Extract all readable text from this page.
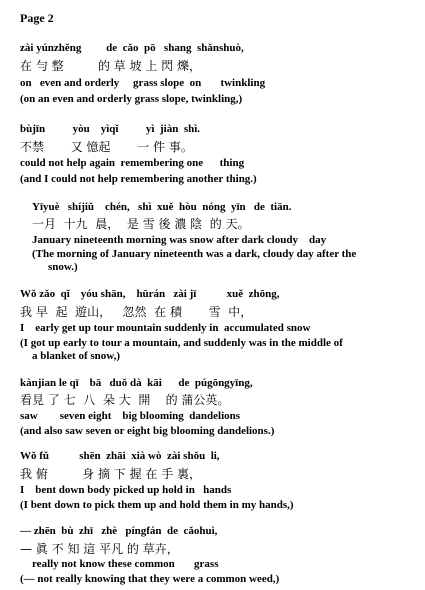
Page 2
zài yúnzhěng         de  cǎo  pō   shang  shǎnshuò,
在 勻 整         的 草 坡 上 閃 爍，
on   even and orderly     grass slope  on       twinkling
(on an even and orderly grass slope, twinkling,)
bùjīn          yòu    yìqǐ          yì  jiàn  shì.
不禁       又 憶起       一 件 事。
could not help again  remembering one      thing
(and I could not help remembering another thing.)
Yīyuè   shíjiǔ    chén,   shì  xuě  hòu  nóng  yīn   de  tiān.
一月  十九  晨，  是 雪 後 濃 陰  的 天。
January nineteenth morning was snow after dark cloudy    day
(The morning of January nineteenth was a dark, cloudy day after the
snow.)
Wǒ zǎo  qǐ    yóu shān,    hūrán   zài jī           xuě  zhōng,
我 早  起  遊山，   忽然  在 積       雪  中，
I    early get up tour mountain suddenly in  accumulated snow
(I got up early to tour a mountain, and suddenly was in the middle of
a blanket of snow,)
kànjian le qī    bā   duǒ dà  kāi      de  púgōngyīng,
看見 了 七  八  朵 大  開    的 蒲公英。
saw        seven eight    big blooming  dandelions
(and also saw seven or eight big blooming dandelions.)
Wǒ fǔ           shēn  zhāi  xià wò  zài shǒu  li,
我 俯         身 摘 下 握 在 手 裏，
I    bent down body picked up hold in   hands
(I bent down to pick them up and hold them in my hands,)
— zhēn  bù  zhī   zhè   píngfán  de  cǎohuì,
— 眞 不 知 這 平凡 的 草卉，
really not know these common       grass
(— not really knowing that they were a common weed,)
